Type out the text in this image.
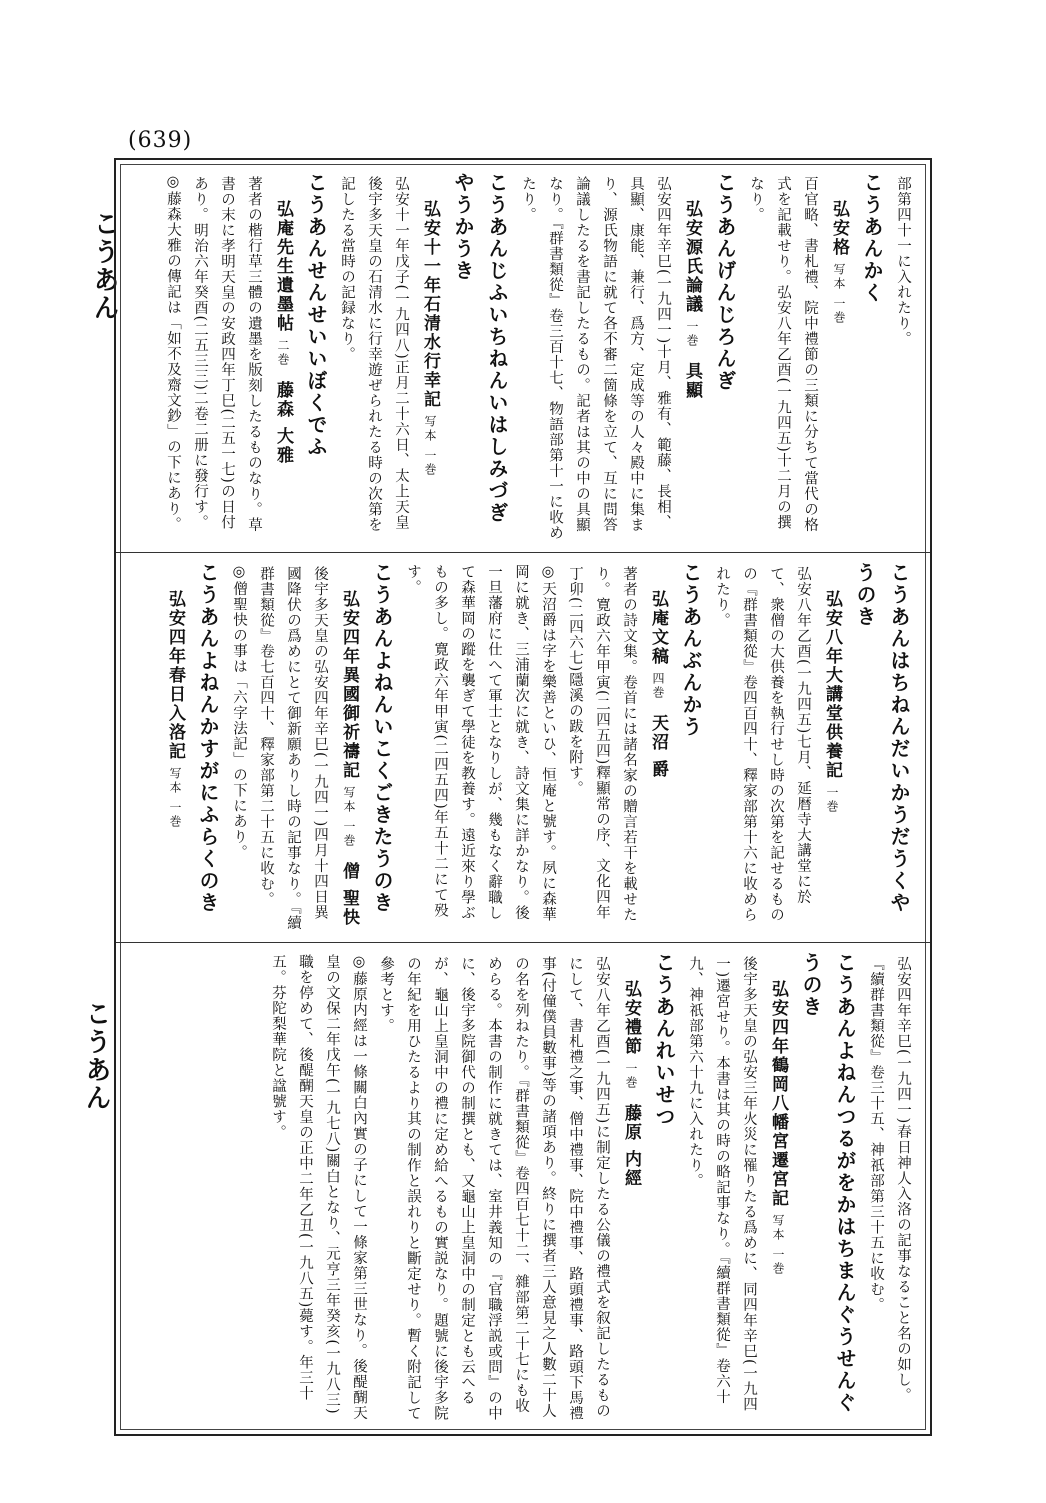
(639)
こうあん
こうあん
部第四十一に入れたり。
こうあんかく
弘安格写本 一巻
百官略、書札禮、院中禮節の三類に分ちて當代の格式を記載せり。弘安八年乙酉(一九四五)十二月の撰なり。
こうあんげんじろんぎ
弘安源氏論議一巻具顯
弘安四年辛巳(一九四一)十月、雅有、範藤、長相、具顯、康能、兼行、爲方、定成等の人々殿中に集まり、源氏物語に就て各不審二箇條を立て、互に問答論議したるを書記したるもの。記者は其の中の具顯なり。『群書類從』卷三百十七、物語部第十一に收めたり。
こうあんじふいちねんいはしみづぎやうかうき
弘安十一年石清水行幸記写本 一巻
弘安十一年戊子(一九四八)正月二十六日、太上天皇後宇多天皇の石清水に行幸遊ぜられたる時の次第を記したる當時の記録なり。
こうあんせんせいいぼくでふ
弘庵先生遺墨帖二巻藤森 大雅
著者の楷行草三體の遺墨を版刻したるものなり。草書の末に孝明天皇の安政四年丁巳(二五一七)の日付あり。明治六年癸酉(二五三三)二卷二册に發行す。
◎藤森大雅の傳記は「如不及齋文鈔」の下にあり。
こうあんはちねんだいかうだうくやうのき
弘安八年大講堂供養記一巻
弘安八年乙酉(一九四五)七月、延暦寺大講堂に於て、衆僧の大供養を執行せし時の次第を記せるものの『群書類從』卷四百四十、釋家部第十六に收められたり。
こうあんぶんかう
弘庵文稿四巻天沼 爵
著者の詩文集。卷首には諸名家の贈言若干を載せたり。寛政六年甲寅(二四五四)釋顯常の序、文化四年丁卯(二四六七)隱溪の跋を附す。
◎天沼爵は字を樂善といひ、恒庵と號す。夙に森華岡に就き、三浦蘭次に就き、詩文集に詳かなり。後一旦藩府に仕へて軍士となりしが、幾もなく辭職して森華岡の蹤を襲ぎて學徒を教養す。遠近來り學ぶもの多し。寛政六年甲寅(二四五四)年五十二にて殁す。
こうあんよねんいこくごきたうのき
弘安四年異國御祈禱記写本 一巻僧 聖快
後宇多天皇の弘安四年辛巳(一九四一)四月十四日異國降伏の爲めにとて御新願ありし時の記事なり。『續群書類從』卷七百四十、釋家部第二十五に收む。
◎僧聖快の事は「六字法記」の下にあり。
こうあんよねんかすがにふらくのき
弘安四年春日入洛記写本 一巻
弘安四年辛巳(一九四一)春日神人入洛の記事なること名の如し。『續群書類從』卷三十五、神祇部第三十五に收む。
こうあんよねんつるがをかはちまんぐうせんぐうのき
弘安四年鶴岡八幡宮遷宮記写本 一巻
後宇多天皇の弘安三年火災に罹りたる爲めに、同四年辛巳(一九四一)遷宮せり。本書は其の時の略記事なり。『續群書類從』卷六十九、神祇部第六十九に入れたり。
こうあんれいせつ
弘安禮節一巻藤原 内經
弘安八年乙酉(一九四五)に制定したる公儀の禮式を叙記したるものにして、書札禮之事、僧中禮事、院中禮事、路頭禮事、路頭下馬禮事(付僮僕員數事)等の諸項あり。終りに撰者三人意見之人數二十人の名を列ねたり。『群書類從』卷四百七十二、雜部第二十七にも收めらる。本書の制作に就きては、室井義知の『官職浮説或問』の中に、後宇多院御代の制撰とも、又龜山上皇洞中の制定とも云へるが、龜山上皇洞中の禮に定め給へるもの實説なり。題號に後宇多院の年紀を用ひたるより其の制作と誤れりと斷定せり。暫く附記して參考とす。
◎藤原内經は一條關白內實の子にして一條家第三世なり。後醍醐天皇の文保二年戊午(一九七八)關白となり、元亨三年癸亥(一九八三)職を停めて、後醍醐天皇の正中二年乙丑(一九八五)薨す。年三十五。芬陀梨華院と諡號す。
